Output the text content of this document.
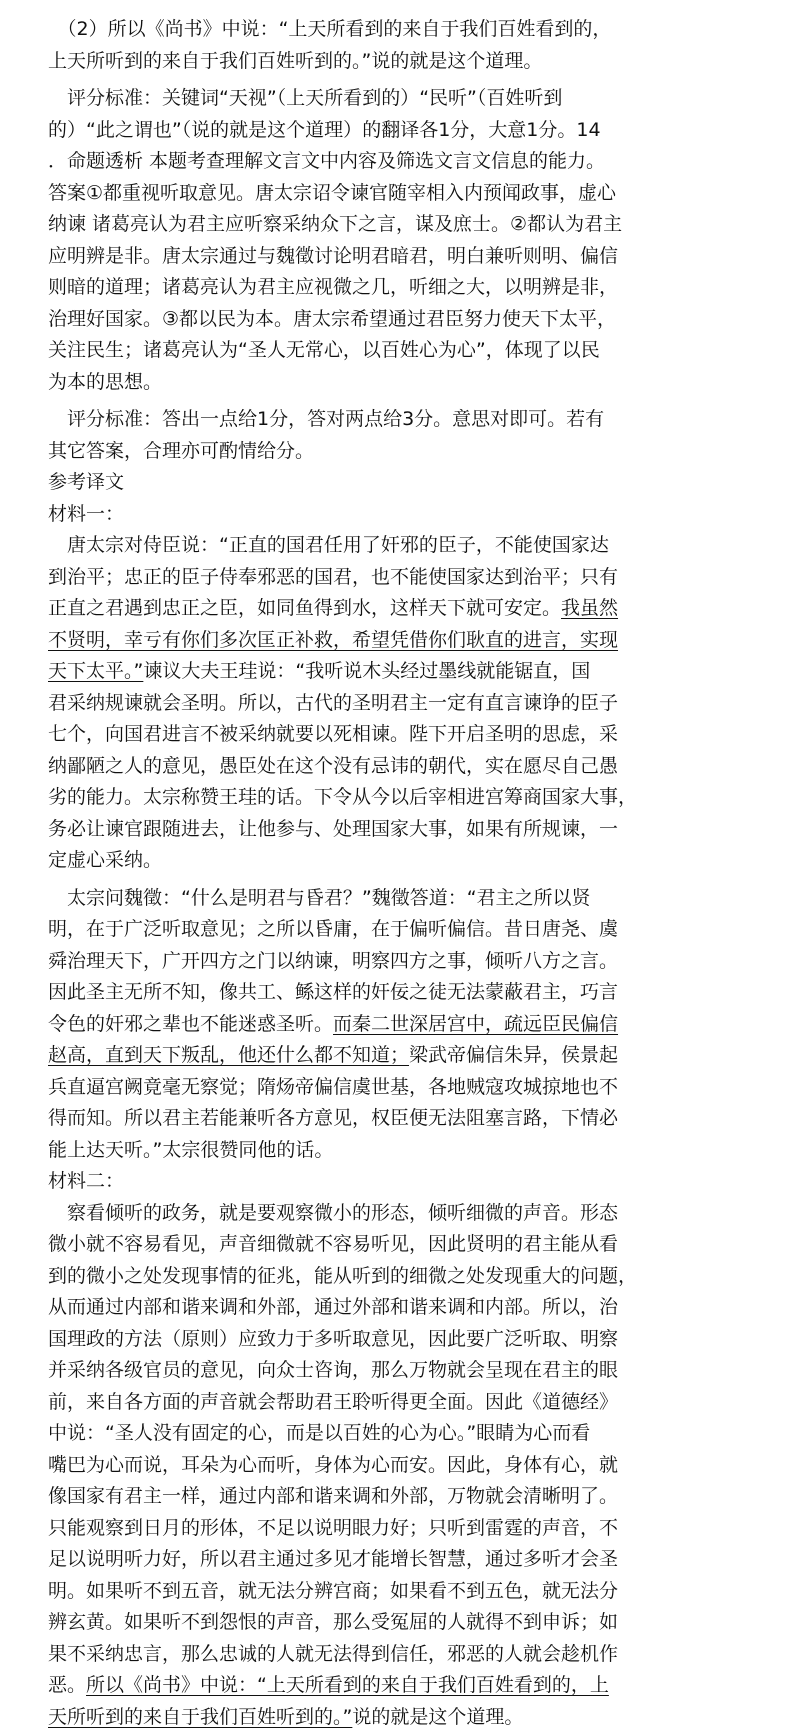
　（2）所以《尚书》中说：“上天所看到的来自于我们百姓看到的，
上天所听到的来自于我们百姓听到的。”说的就是这个道理。
　评分标准：关键词“天视”（上天所看到的）“民听”（百姓听到
的）“此之谓也”（说的就是这个道理）的翻译各1分，大意1分。14
．命题透析 本题考查理解文言文中内容及筛选文言文信息的能力。
答案①都重视听取意见。唐太宗诏令谏官随宰相入内预闻政事，虚心
纳谏 诸葛亮认为君主应听察采纳众下之言，谋及庶士。②都认为君主
应明辨是非。唐太宗通过与魏徵讨论明君暗君，明白兼听则明、偏信
则暗的道理；诸葛亮认为君主应视微之几，听细之大，以明辨是非，
治理好国家。③都以民为本。唐太宗希望通过君臣努力使天下太平，
关注民生；诸葛亮认为“圣人无常心，以百姓心为心”，体现了以民
为本的思想。
　评分标准：答出一点给1分，答对两点给3分。意思对即可。若有
其它答案，合理亦可酌情给分。
参考译文
材料一：
　唐太宗对侍臣说：“正直的国君任用了奸邪的臣子，不能使国家达
到治平；忠正的臣子侍奉邪恶的国君，也不能使国家达到治平；只有
正直之君遇到忠正之臣，如同鱼得到水，这样天下就可安定。我虽然
不贤明，幸亏有你们多次匡正补救，希望凭借你们耿直的进言，实现
天下太平。”谏议大夫王珪说：“我听说木头经过墨线就能锯直，国
君采纳规谏就会圣明。所以，古代的圣明君主一定有直言谏诤的臣子
七个，向国君进言不被采纳就要以死相谏。陛下开启圣明的思虑，采
纳鄙陋之人的意见，愚臣处在这个没有忌讳的朝代，实在愿尽自己愚
劣的能力。太宗称赞王珪的话。下令从今以后宰相进宫筹商国家大事，
务必让谏官跟随进去，让他参与、处理国家大事，如果有所规谏，一
定虚心采纳。
　太宗问魏徵：“什么是明君与昏君？”魏徵答道：“君主之所以贤
明，在于广泛听取意见；之所以昏庸，在于偏听偏信。昔日唐尧、虞
舜治理天下，广开四方之门以纳谏，明察四方之事，倾听八方之言。
因此圣主无所不知，像共工、鲧这样的奸佞之徒无法蒙蔽君主，巧言
令色的奸邪之辈也不能迷惑圣听。而秦二世深居宫中，疏远臣民偏信
赵高，直到天下叛乱，他还什么都不知道；梁武帝偏信朱异，侯景起
兵直逼宫阙竟毫无察觉；隋炀帝偏信虞世基，各地贼寇攻城掠地也不
得而知。所以君主若能兼听各方意见，权臣便无法阻塞言路，下情必
能上达天听。”太宗很赞同他的话。
材料二：
　察看倾听的政务，就是要观察微小的形态，倾听细微的声音。形态
微小就不容易看见，声音细微就不容易听见，因此贤明的君主能从看
到的微小之处发现事情的征兆，能从听到的细微之处发现重大的问题，
从而通过内部和谐来调和外部，通过外部和谐来调和内部。所以，治
国理政的方法（原则）应致力于多听取意见，因此要广泛听取、明察
并采纳各级官员的意见，向众士咨询，那么万物就会呈现在君主的眼
前，来自各方面的声音就会帮助君王聆听得更全面。因此《道德经》
中说：“圣人没有固定的心，而是以百姓的心为心。”眼睛为心而看
嘴巴为心而说，耳朵为心而听，身体为心而安。因此，身体有心，就
像国家有君主一样，通过内部和谐来调和外部，万物就会清晰明了。
只能观察到日月的形体，不足以说明眼力好；只听到雷霆的声音，不
足以说明听力好，所以君主通过多见才能增长智慧，通过多听才会圣
明。如果听不到五音，就无法分辨宫商；如果看不到五色，就无法分
辨玄黄。如果听不到怨恨的声音，那么受冤屈的人就得不到申诉；如
果不采纳忠言，那么忠诚的人就无法得到信任，邪恶的人就会趁机作
恶。所以《尚书》中说：“上天所看到的来自于我们百姓看到的，上
天所听到的来自于我们百姓听到的。”说的就是这个道理。
